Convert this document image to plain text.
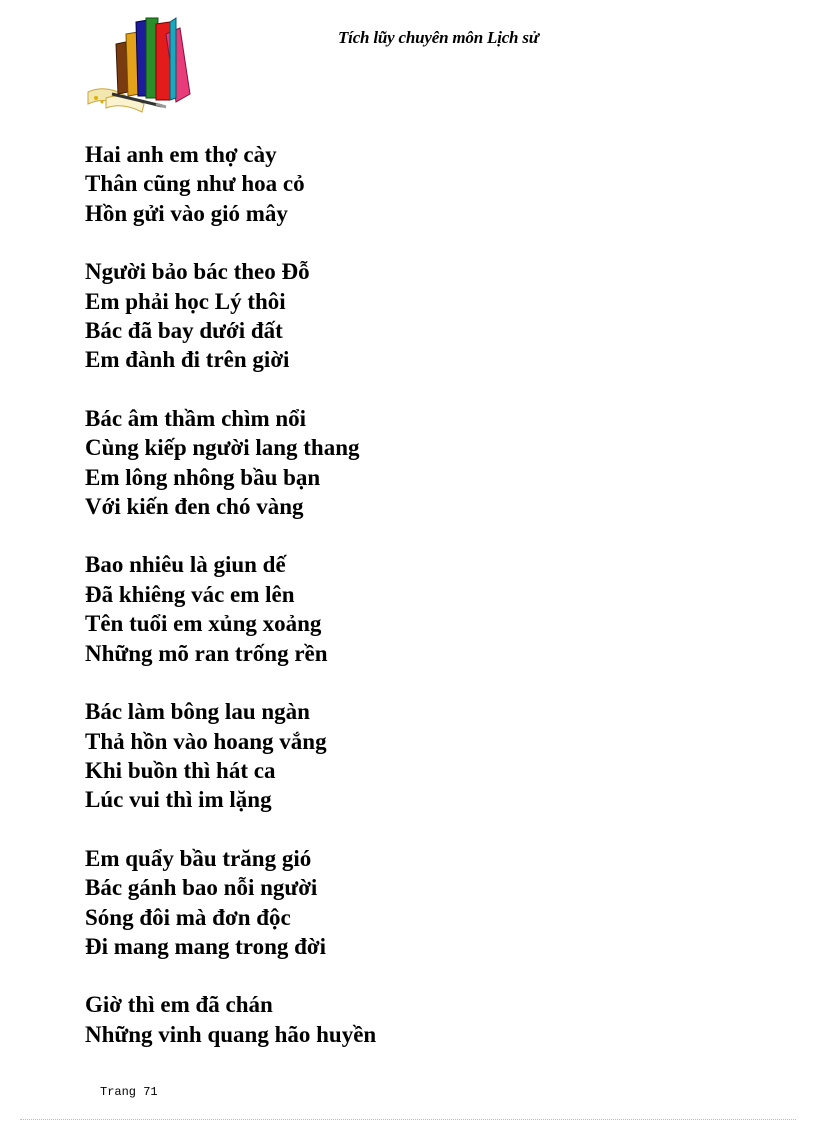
Tích lũy chuyên môn Lịch sử
Hai anh em thợ cày
Thân cũng như hoa cỏ
Hồn gửi vào gió mây
Người bảo bác theo Đỗ
Em phải học Lý thôi
Bác đã bay dưới đất
Em đành đi trên giời
Bác âm thầm chìm nổi
Cùng kiếp người lang thang
Em lông nhông bầu bạn
Với kiến đen chó vàng
Bao nhiêu là giun dế
Đã khiêng vác em lên
Tên tuổi em xủng xoảng
Những mõ ran trống rền
Bác làm bông lau ngàn
Thả hồn vào hoang vắng
Khi buồn thì hát ca
Lúc vui thì im lặng
Em quẩy bầu trăng gió
Bác gánh bao nỗi người
Sóng đôi mà đơn độc
Đi mang mang trong đời
Giờ thì em đã chán
Những vinh quang hão huyền
Trang 71
